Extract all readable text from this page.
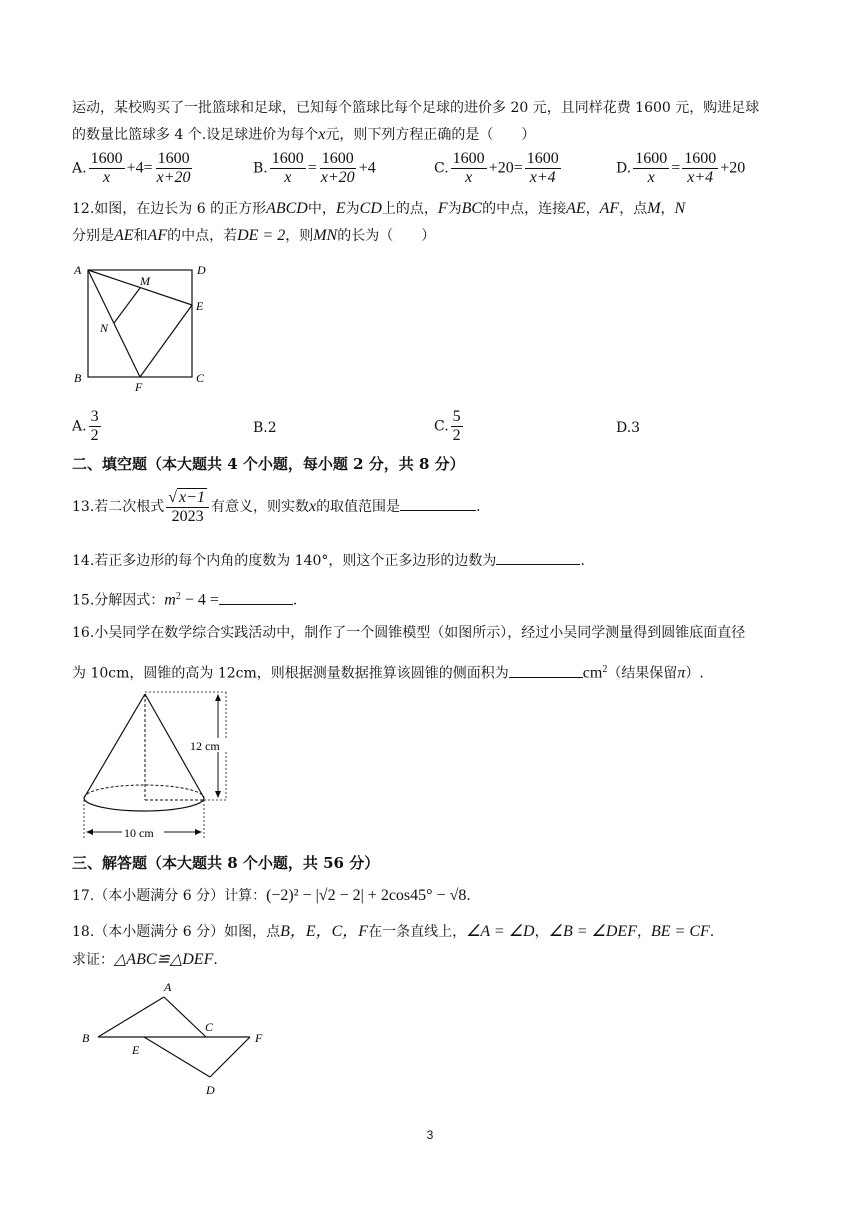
运动，某校购买了一批篮球和足球，已知每个篮球比每个足球的进价多 20 元，且同样花费 1600 元，购进足球
的数量比篮球多 4 个.设足球进价为每个x元，则下列方程正确的是（　　）
A. $\frac{1600}{x} +4= \frac{1600}{x+20}$	B. $\frac{1600}{x} = \frac{1600}{x+20} +4$	C. $\frac{1600}{x} +20= \frac{1600}{x+4}$	D. $\frac{1600}{x} = \frac{1600}{x+4} +20$
12.如图，在边长为 6 的正方形ABCD中，E为CD上的点，F为BC的中点，连接AE，AF，点M，N
分别是AE和AF的中点，若DE = 2，则MN的长为（　　）
A	D
M
E
N
B
F
C
A. $\frac{3}{2}$	B.2	C. $\frac{5}{2}$	D.3
二、填空题（本大题共 4 个小题，每小题 2 分，共 8 分）
13.若二次根式 $\frac{√ x-1}{2023}$ 有意义，则实数x的取值范围是	.
14.若正多边形的每个内角的度数为 140°，则这个正多边形的边数为	.
15.分解因式：$m^2 - 4$ =	.
16.小吴同学在数学综合实践活动中，制作了一个圆锥模型（如图所示），经过小吴同学测量得到圆锥底面直径
为 10cm，圆锥的高为 12cm，则根据测量数据推算该圆锥的侧面积为	$cm^2$（结果保留π）.
12 cm
10 cm
三、解答题（本大题共 8 个小题，共 56 分）
17.（本小题满分 6 分）计算：(−2)² − |√2 − 2| + 2cos45° − √8.
18.（本小题满分 6 分）如图，点B，E，C，F在一条直线上，∠A = ∠D，∠B = ∠DEF，BE = CF.
求证：△ABC≌△DEF.
A
B
C
E
F
D
3
